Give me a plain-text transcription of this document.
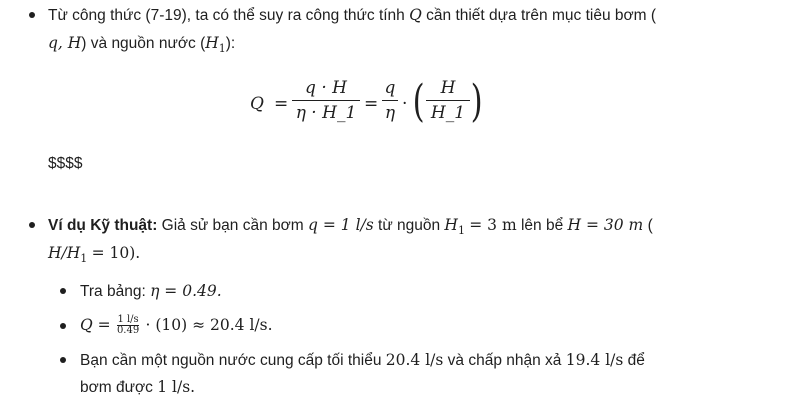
Từ công thức (7-19), ta có thể suy ra công thức tính Q cần thiết dựa trên mục tiêu bơm (
q, H) và nguồn nước $(H_1)$:
Q =
q · H
η · H_1 =
q
η · ( H
H_1 )
$$$$
Ví dụ Kỹ thuật: Giả sử bạn cần bơm q = 1 l/s từ nguồn $H_1 = 3$ m lên bể H = 30 m (
$H/H_1 = 10$).
Tra bảng: η = 0.49.
$Q = \frac{1 l/s}{0.49} \cdot (10) \approx 20.4$ l/s.
Bạn cần một nguồn nước cung cấp tối thiểu 20.4 l/s và chấp nhận xả 19.4 l/s để
bơm được 1 l/s.
